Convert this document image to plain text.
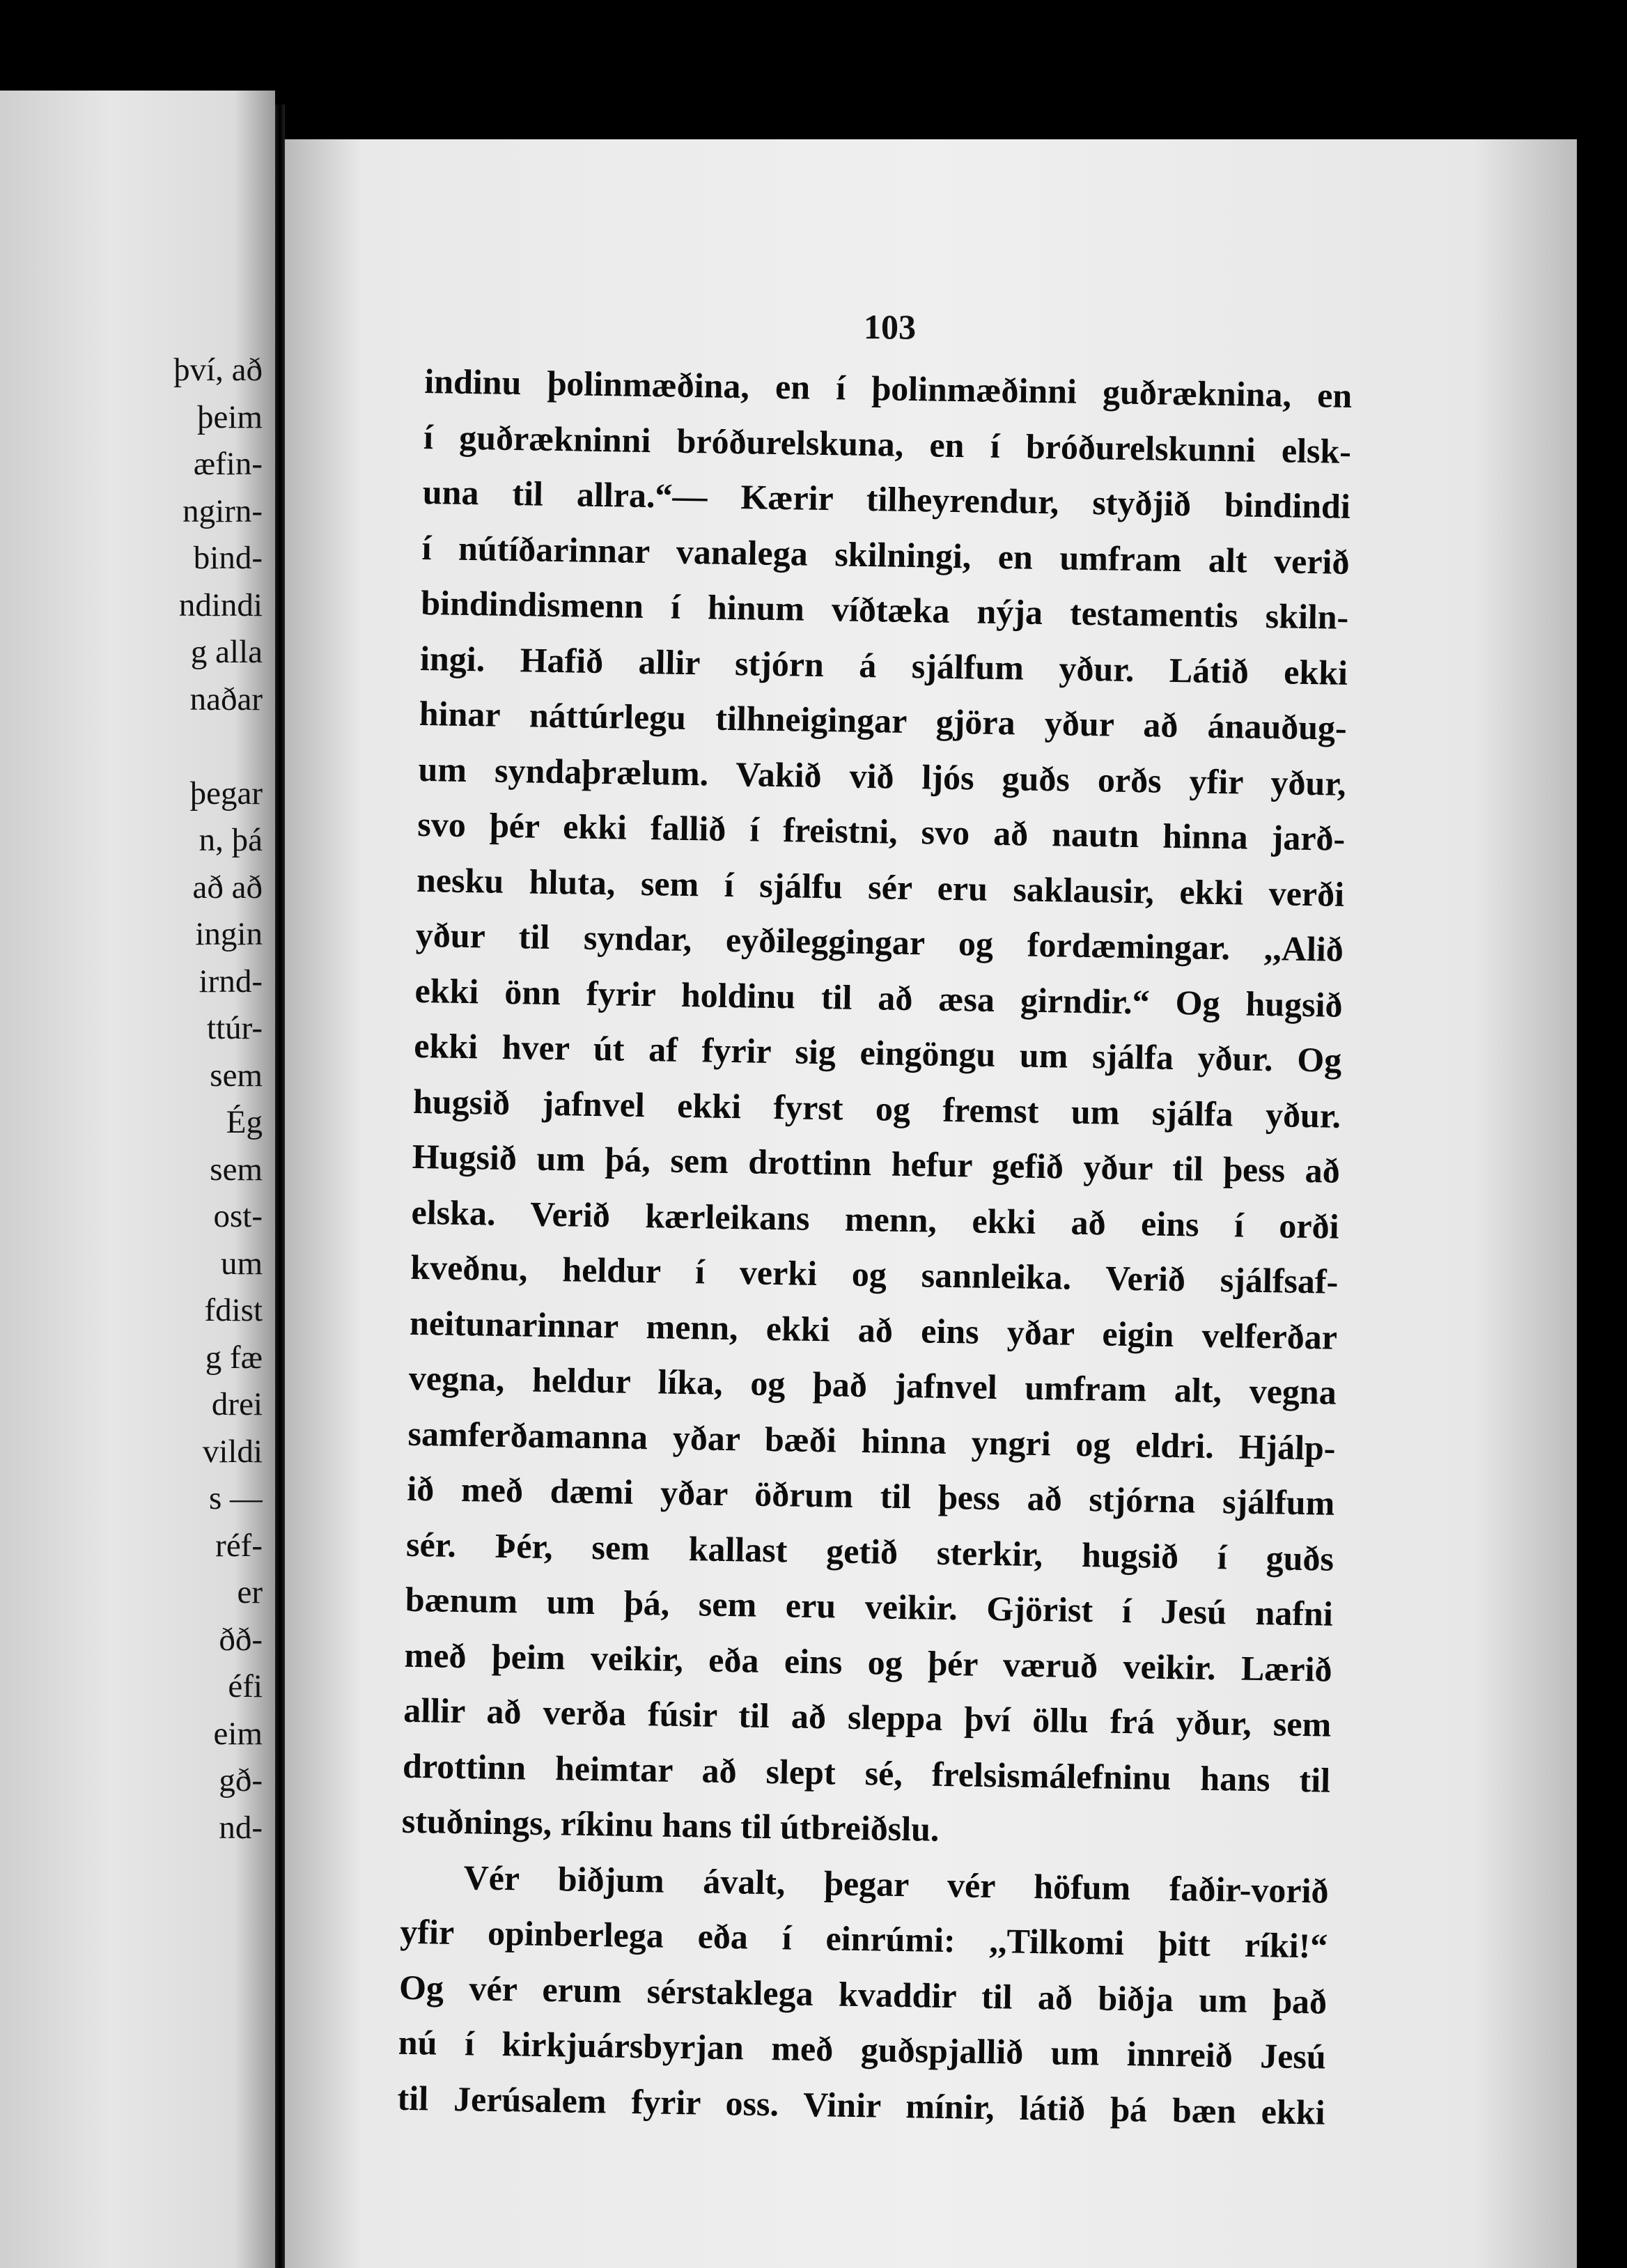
því, að
þeim
æfin-
ngirn-
bind-
ndindi
g alla
naðar
þegar
n, þá
að að
ingin
irnd-
ttúr-
sem
Ég
sem
ost-
um
fdist
g fæ
drei
vildi
s —
réf-
er
ðð-
éfi
eim
gð-
nd-
103
indinu þolinmæðina, en í þolinmæðinni guðræknina, en
í guðrækninni bróðurelskuna, en í bróðurelskunni elsk-
una til allra.“— Kærir tilheyrendur, styðjið bindindi
í nútíðarinnar vanalega skilningi, en umfram alt verið
bindindismenn í hinum víðtæka nýja testamentis skiln-
ingi. Hafið allir stjórn á sjálfum yður. Látið ekki
hinar náttúrlegu tilhneigingar gjöra yður að ánauðug-
um syndaþrælum. Vakið við ljós guðs orðs yfir yður,
svo þér ekki fallið í freistni, svo að nautn hinna jarð-
nesku hluta, sem í sjálfu sér eru saklausir, ekki verði
yður til syndar, eyðileggingar og fordæmingar. ,,Alið
ekki önn fyrir holdinu til að æsa girndir.“ Og hugsið
ekki hver út af fyrir sig eingöngu um sjálfa yður. Og
hugsið jafnvel ekki fyrst og fremst um sjálfa yður.
Hugsið um þá, sem drottinn hefur gefið yður til þess að
elska. Verið kærleikans menn, ekki að eins í orði
kveðnu, heldur í verki og sannleika. Verið sjálfsaf-
neitunarinnar menn, ekki að eins yðar eigin velferðar
vegna, heldur líka, og það jafnvel umfram alt, vegna
samferðamanna yðar bæði hinna yngri og eldri. Hjálp-
ið með dæmi yðar öðrum til þess að stjórna sjálfum
sér. Þér, sem kallast getið sterkir, hugsið í guðs
bænum um þá, sem eru veikir. Gjörist í Jesú nafni
með þeim veikir, eða eins og þér væruð veikir. Lærið
allir að verða fúsir til að sleppa því öllu frá yður, sem
drottinn heimtar að slept sé, frelsismálefninu hans til
stuðnings, ríkinu hans til útbreiðslu.
Vér biðjum ávalt, þegar vér höfum faðir-vorið
yfir opinberlega eða í einrúmi: ,,Tilkomi þitt ríki!“
Og vér erum sérstaklega kvaddir til að biðja um það
nú í kirkjuársbyrjan með guðspjallið um innreið Jesú
til Jerúsalem fyrir oss. Vinir mínir, látið þá bæn ekki
